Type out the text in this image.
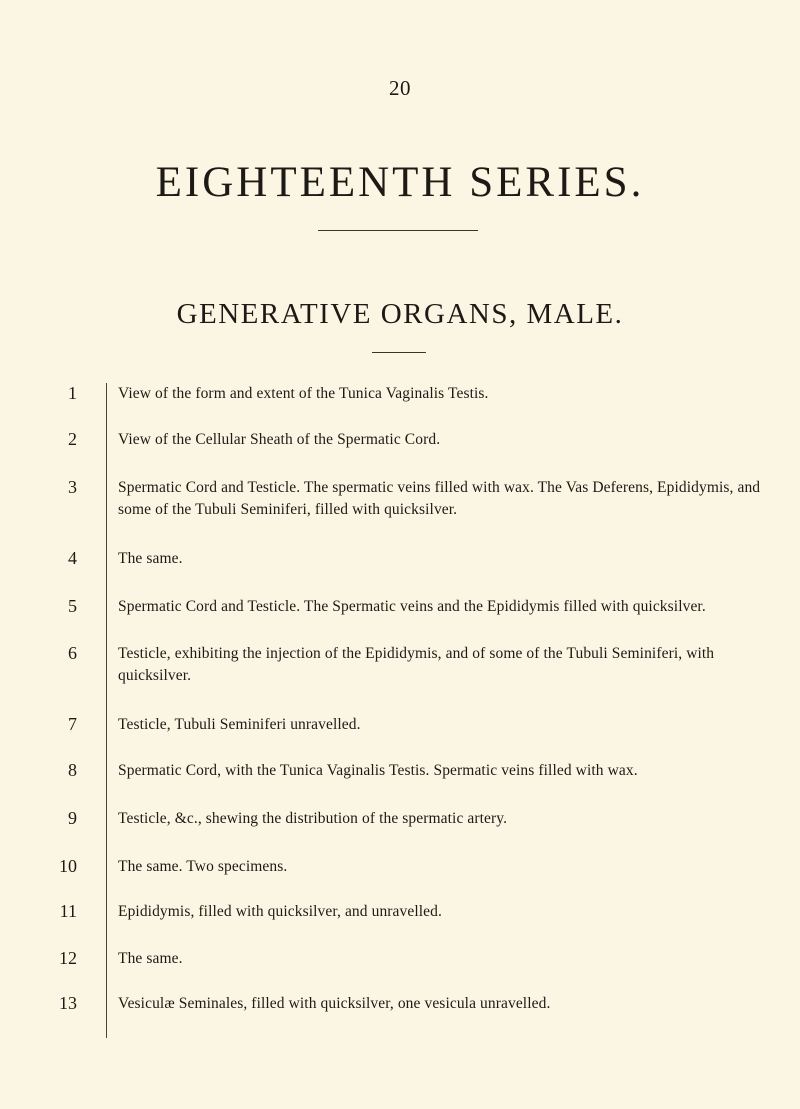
20
EIGHTEENTH SERIES.
GENERATIVE ORGANS, MALE.
1	View of the form and extent of the Tunica Vaginalis Testis.
2	View of the Cellular Sheath of the Spermatic Cord.
3	Spermatic Cord and Testicle. The spermatic veins filled with wax. The Vas Deferens, Epididymis, and some of the Tubuli Seminiferi, filled with quicksilver.
4	The same.
5	Spermatic Cord and Testicle. The Spermatic veins and the Epididymis filled with quicksilver.
6	Testicle, exhibiting the injection of the Epididymis, and of some of the Tubuli Seminiferi, with quicksilver.
7	Testicle, Tubuli Seminiferi unravelled.
8	Spermatic Cord, with the Tunica Vaginalis Testis. Spermatic veins filled with wax.
9	Testicle, &c., shewing the distribution of the spermatic artery.
10	The same. Two specimens.
11	Epididymis, filled with quicksilver, and unravelled.
12	The same.
13	Vesiculæ Seminales, filled with quicksilver, one vesicula unravelled.
